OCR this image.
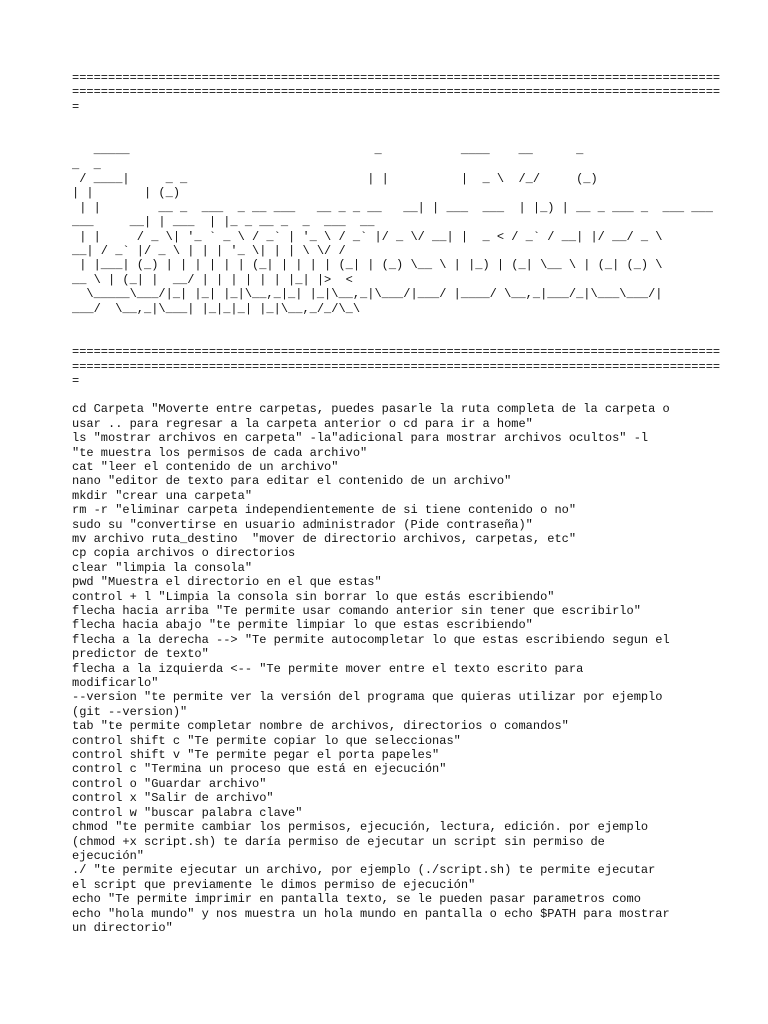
==========================================================================================
==========================================================================================
=
_____                                  _           ____    __      _
_  _
/ ____|     _ _                         | |          |  _ \  /_/     (_)
| |       | (_)
| |        __ _  ___  _ __ ___   __ _ _ __   __| | ___  ___  | |_) | __ _ ___ _  ___ ___
___     __| | ___  | |_ _ __ _  _  ___  __
| |     / _ \| '_ ` _ \ / _` | '_ \ / _` |/ _ \/ __| |  _ < / _` / __| |/ __/ _ \
__| / _` |/ _ \ | | | '_ \| | | \ \/ /
| |___| (_) | | | | | | (_| | | | | (_| | (_) \__ \ | |_) | (_| \__ \ | (_| (_) \
__ \ | (_| |  __/ | | | | | | |_| |>  <
\_____\___/|_| |_| |_|\__,_|_| |_|\__,_|\___/|___/ |____/ \__,_|___/_|\___\___/|
___/  \__,_|\___| |_|_|_| |_|\__,_/_/\_\
==========================================================================================
==========================================================================================
=
cd Carpeta "Moverte entre carpetas, puedes pasarle la ruta completa de la carpeta o
usar .. para regresar a la carpeta anterior o cd para ir a home"
ls "mostrar archivos en carpeta" -la"adicional para mostrar archivos ocultos" -l
"te muestra los permisos de cada archivo"
cat "leer el contenido de un archivo"
nano "editor de texto para editar el contenido de un archivo"
mkdir "crear una carpeta"
rm -r "eliminar carpeta independientemente de si tiene contenido o no"
sudo su "convertirse en usuario administrador (Pide contraseña)"
mv archivo ruta_destino  "mover de directorio archivos, carpetas, etc"
cp copia archivos o directorios
clear "limpia la consola"
pwd "Muestra el directorio en el que estas"
control + l "Limpia la consola sin borrar lo que estás escribiendo"
flecha hacia arriba "Te permite usar comando anterior sin tener que escribirlo"
flecha hacia abajo "te permite limpiar lo que estas escribiendo"
flecha a la derecha --> "Te permite autocompletar lo que estas escribiendo segun el
predictor de texto"
flecha a la izquierda <-- "Te permite mover entre el texto escrito para
modificarlo"
--version "te permite ver la versión del programa que quieras utilizar por ejemplo
(git --version)"
tab "te permite completar nombre de archivos, directorios o comandos"
control shift c "Te permite copiar lo que seleccionas"
control shift v "Te permite pegar el porta papeles"
control c "Termina un proceso que está en ejecución"
control o "Guardar archivo"
control x "Salir de archivo"
control w "buscar palabra clave"
chmod "te permite cambiar los permisos, ejecución, lectura, edición. por ejemplo
(chmod +x script.sh) te daría permiso de ejecutar un script sin permiso de
ejecución"
./ "te permite ejecutar un archivo, por ejemplo (./script.sh) te permite ejecutar
el script que previamente le dimos permiso de ejecución"
echo "Te permite imprimir en pantalla texto, se le pueden pasar parametros como
echo "hola mundo" y nos muestra un hola mundo en pantalla o echo $PATH para mostrar
un directorio"
